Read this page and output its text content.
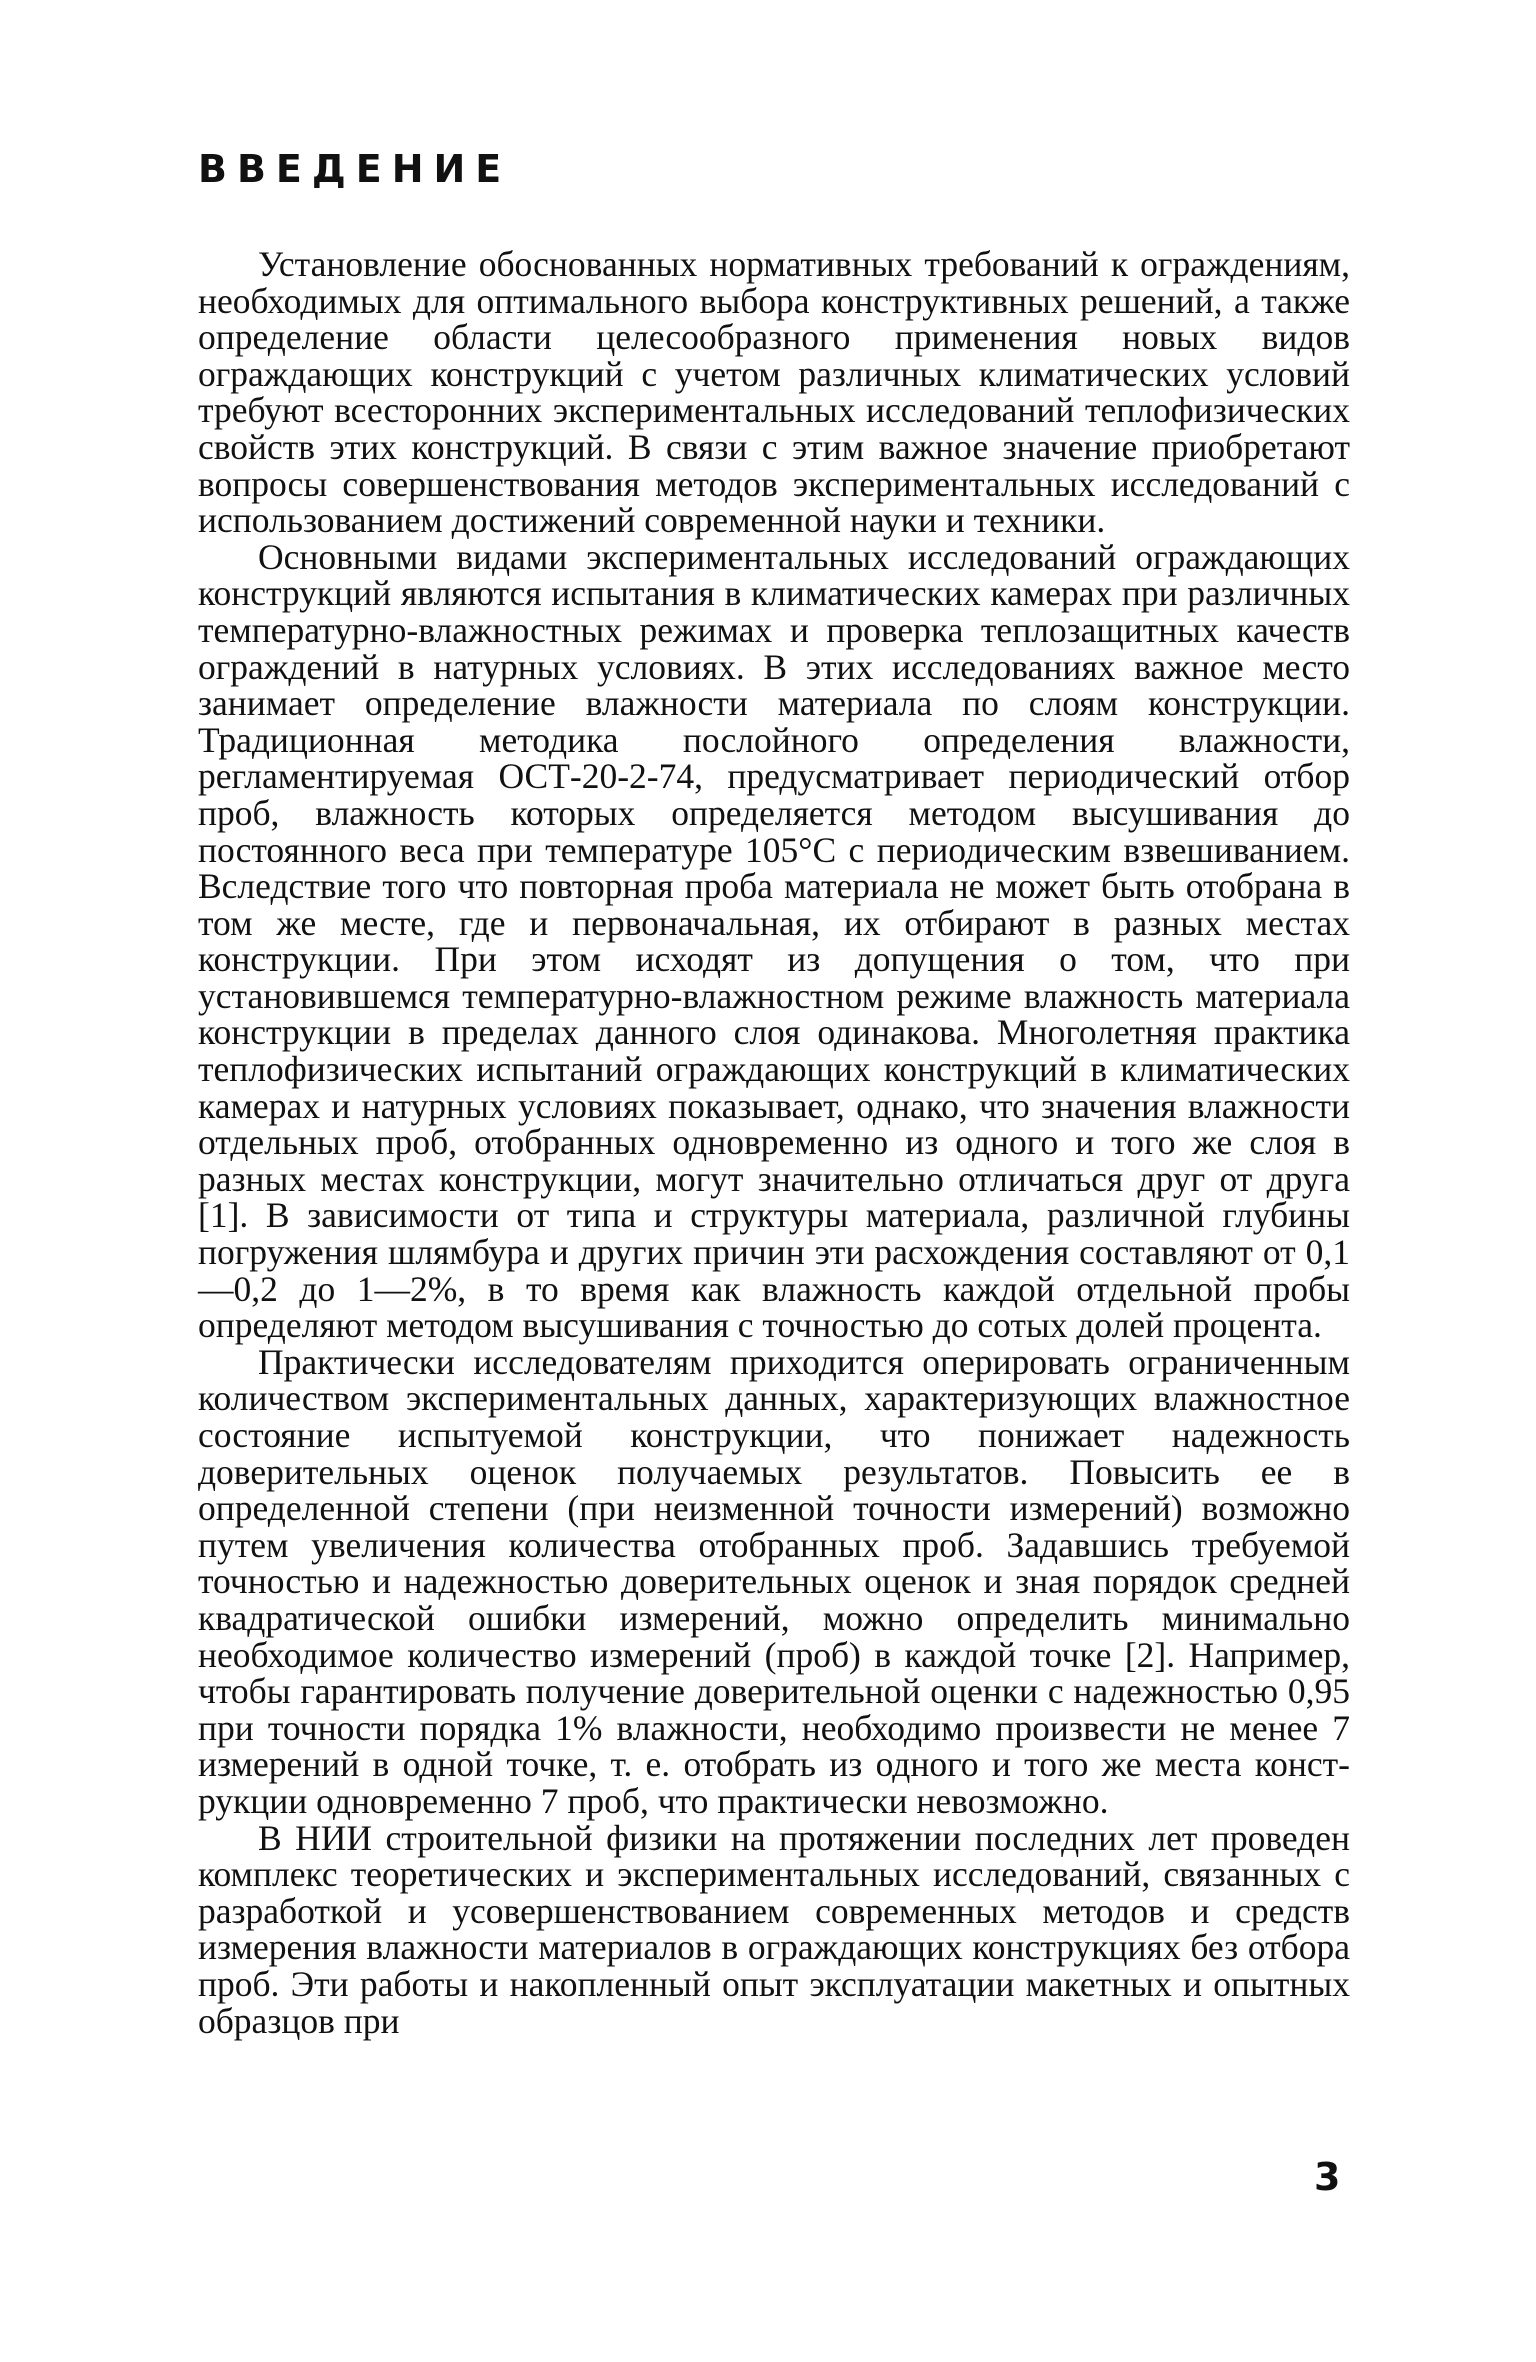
ВВЕДЕНИЕ

Установление обоснованных нормативных требований к ограждениям, необходимых для оптимального выбора конструктивных решений, а также определение области целесообразного применения новых видов ограждающих конструкций с учетом различных климатических условий требуют всесторонних экспериментальных исследований теплофизических свойств этих конструкций. В связи с этим важное значение приобретают вопросы совершенствования методов экспериментальных исследований с использованием достижений современной науки и техники.

Основными видами экспериментальных исследований ограждающих конструкций являются испытания в климатических камерах при различных температурно-влажностных режимах и проверка теплозащитных качеств ограждений в натурных условиях. В этих исследованиях важное место занимает определение влажности материала по слоям конструкции. Традиционная методика послойного определения влажности, регламентируемая ОСТ-20-2-74, предусматривает периодический отбор проб, влажность которых определяется методом высушивания до постоянного веса при температуре 105°С с периодическим взвешиванием. Вследствие того что повторная проба материала не может быть отобрана в том же месте, где и первоначальная, их отбирают в разных местах конструкции. При этом исходят из допущения о том, что при установившемся температурно-влажностном режиме влажность материала конструкции в пределах данного слоя одинакова. Многолетняя практика теплофизических испытаний ограждающих конструкций в климатических камерах и натурных условиях показывает, однако, что значения влажности отдельных проб, отобранных одновременно из одного и того же слоя в разных местах конструкции, могут значительно отличаться друг от друга [1]. В зависимости от типа и структуры материала, различной глубины погружения шлямбура и других причин эти расхождения составляют от 0,1—0,2 до 1—2%, в то время как влажность каждой отдельной пробы определяют методом высушивания с точностью до сотых долей процента.

Практически исследователям приходится оперировать ограниченным количеством экспериментальных данных, характеризующих влажностное состояние испытуемой конструкции, что понижает надежность доверительных оценок получаемых результатов. Повысить ее в определенной степени (при неизменной точности измерений) возможно путем увеличения количества отобранных проб. Задавшись требуемой точностью и надежностью доверительных оценок и зная порядок средней квадратической ошибки измерений, можно определить минимально необходимое количество измерений (проб) в каждой точке [2]. Например, чтобы гарантировать получение доверительной оценки с надежностью 0,95 при точности порядка 1% влажности, необходимо произвести не менее 7 измерений в одной точке, т. е. отобрать из одного и того же места конструкции одновременно 7 проб, что практически невозможно.

В НИИ строительной физики на протяжении последних лет проведен комплекс теоретических и экспериментальных исследований, связанных с разработкой и усовершенствованием современных методов и средств измерения влажности материалов в ограждающих конструкциях без отбора проб. Эти работы и накопленный опыт эксплуатации макетных и опытных образцов при

3
